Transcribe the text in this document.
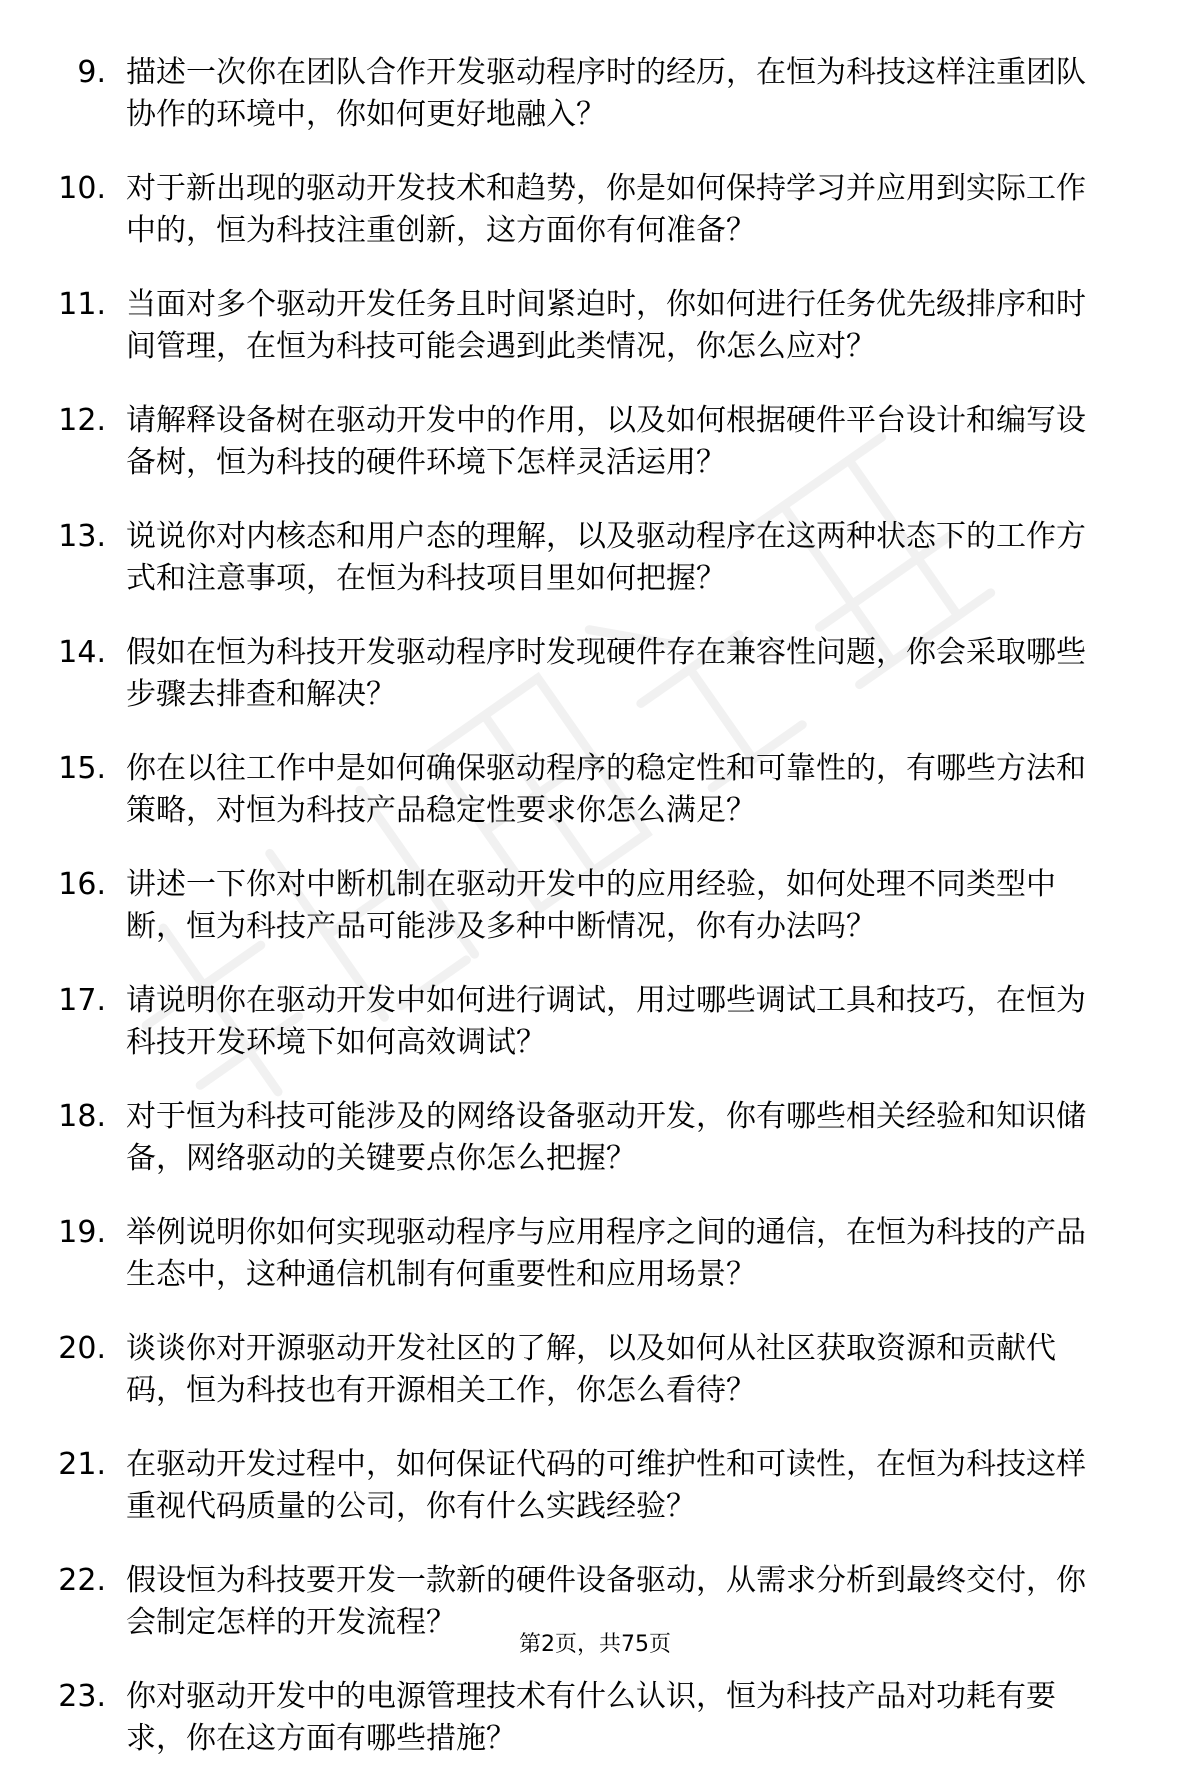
9. 描述一次你在团队合作开发驱动程序时的经历，在恒为科技这样注重团队协作的环境中，你如何更好地融入？
10. 对于新出现的驱动开发技术和趋势，你是如何保持学习并应用到实际工作中的，恒为科技注重创新，这方面你有何准备？
11. 当面对多个驱动开发任务且时间紧迫时，你如何进行任务优先级排序和时间管理，在恒为科技可能会遇到此类情况，你怎么应对？
12. 请解释设备树在驱动开发中的作用，以及如何根据硬件平台设计和编写设备树，恒为科技的硬件环境下怎样灵活运用？
13. 说说你对内核态和用户态的理解，以及驱动程序在这两种状态下的工作方式和注意事项，在恒为科技项目里如何把握？
14. 假如在恒为科技开发驱动程序时发现硬件存在兼容性问题，你会采取哪些步骤去排查和解决？
15. 你在以往工作中是如何确保驱动程序的稳定性和可靠性的，有哪些方法和策略，对恒为科技产品稳定性要求你怎么满足？
16. 讲述一下你对中断机制在驱动开发中的应用经验，如何处理不同类型中断，恒为科技产品可能涉及多种中断情况，你有办法吗？
17. 请说明你在驱动开发中如何进行调试，用过哪些调试工具和技巧，在恒为科技开发环境下如何高效调试？
18. 对于恒为科技可能涉及的网络设备驱动开发，你有哪些相关经验和知识储备，网络驱动的关键要点你怎么把握？
19. 举例说明你如何实现驱动程序与应用程序之间的通信，在恒为科技的产品生态中，这种通信机制有何重要性和应用场景？
20. 谈谈你对开源驱动开发社区的了解，以及如何从社区获取资源和贡献代码，恒为科技也有开源相关工作，你怎么看待？
21. 在驱动开发过程中，如何保证代码的可维护性和可读性，在恒为科技这样重视代码质量的公司，你有什么实践经验？
22. 假设恒为科技要开发一款新的硬件设备驱动，从需求分析到最终交付，你会制定怎样的开发流程？
23. 你对驱动开发中的电源管理技术有什么认识，恒为科技产品对功耗有要求，你在这方面有哪些措施？
第2页，共75页
